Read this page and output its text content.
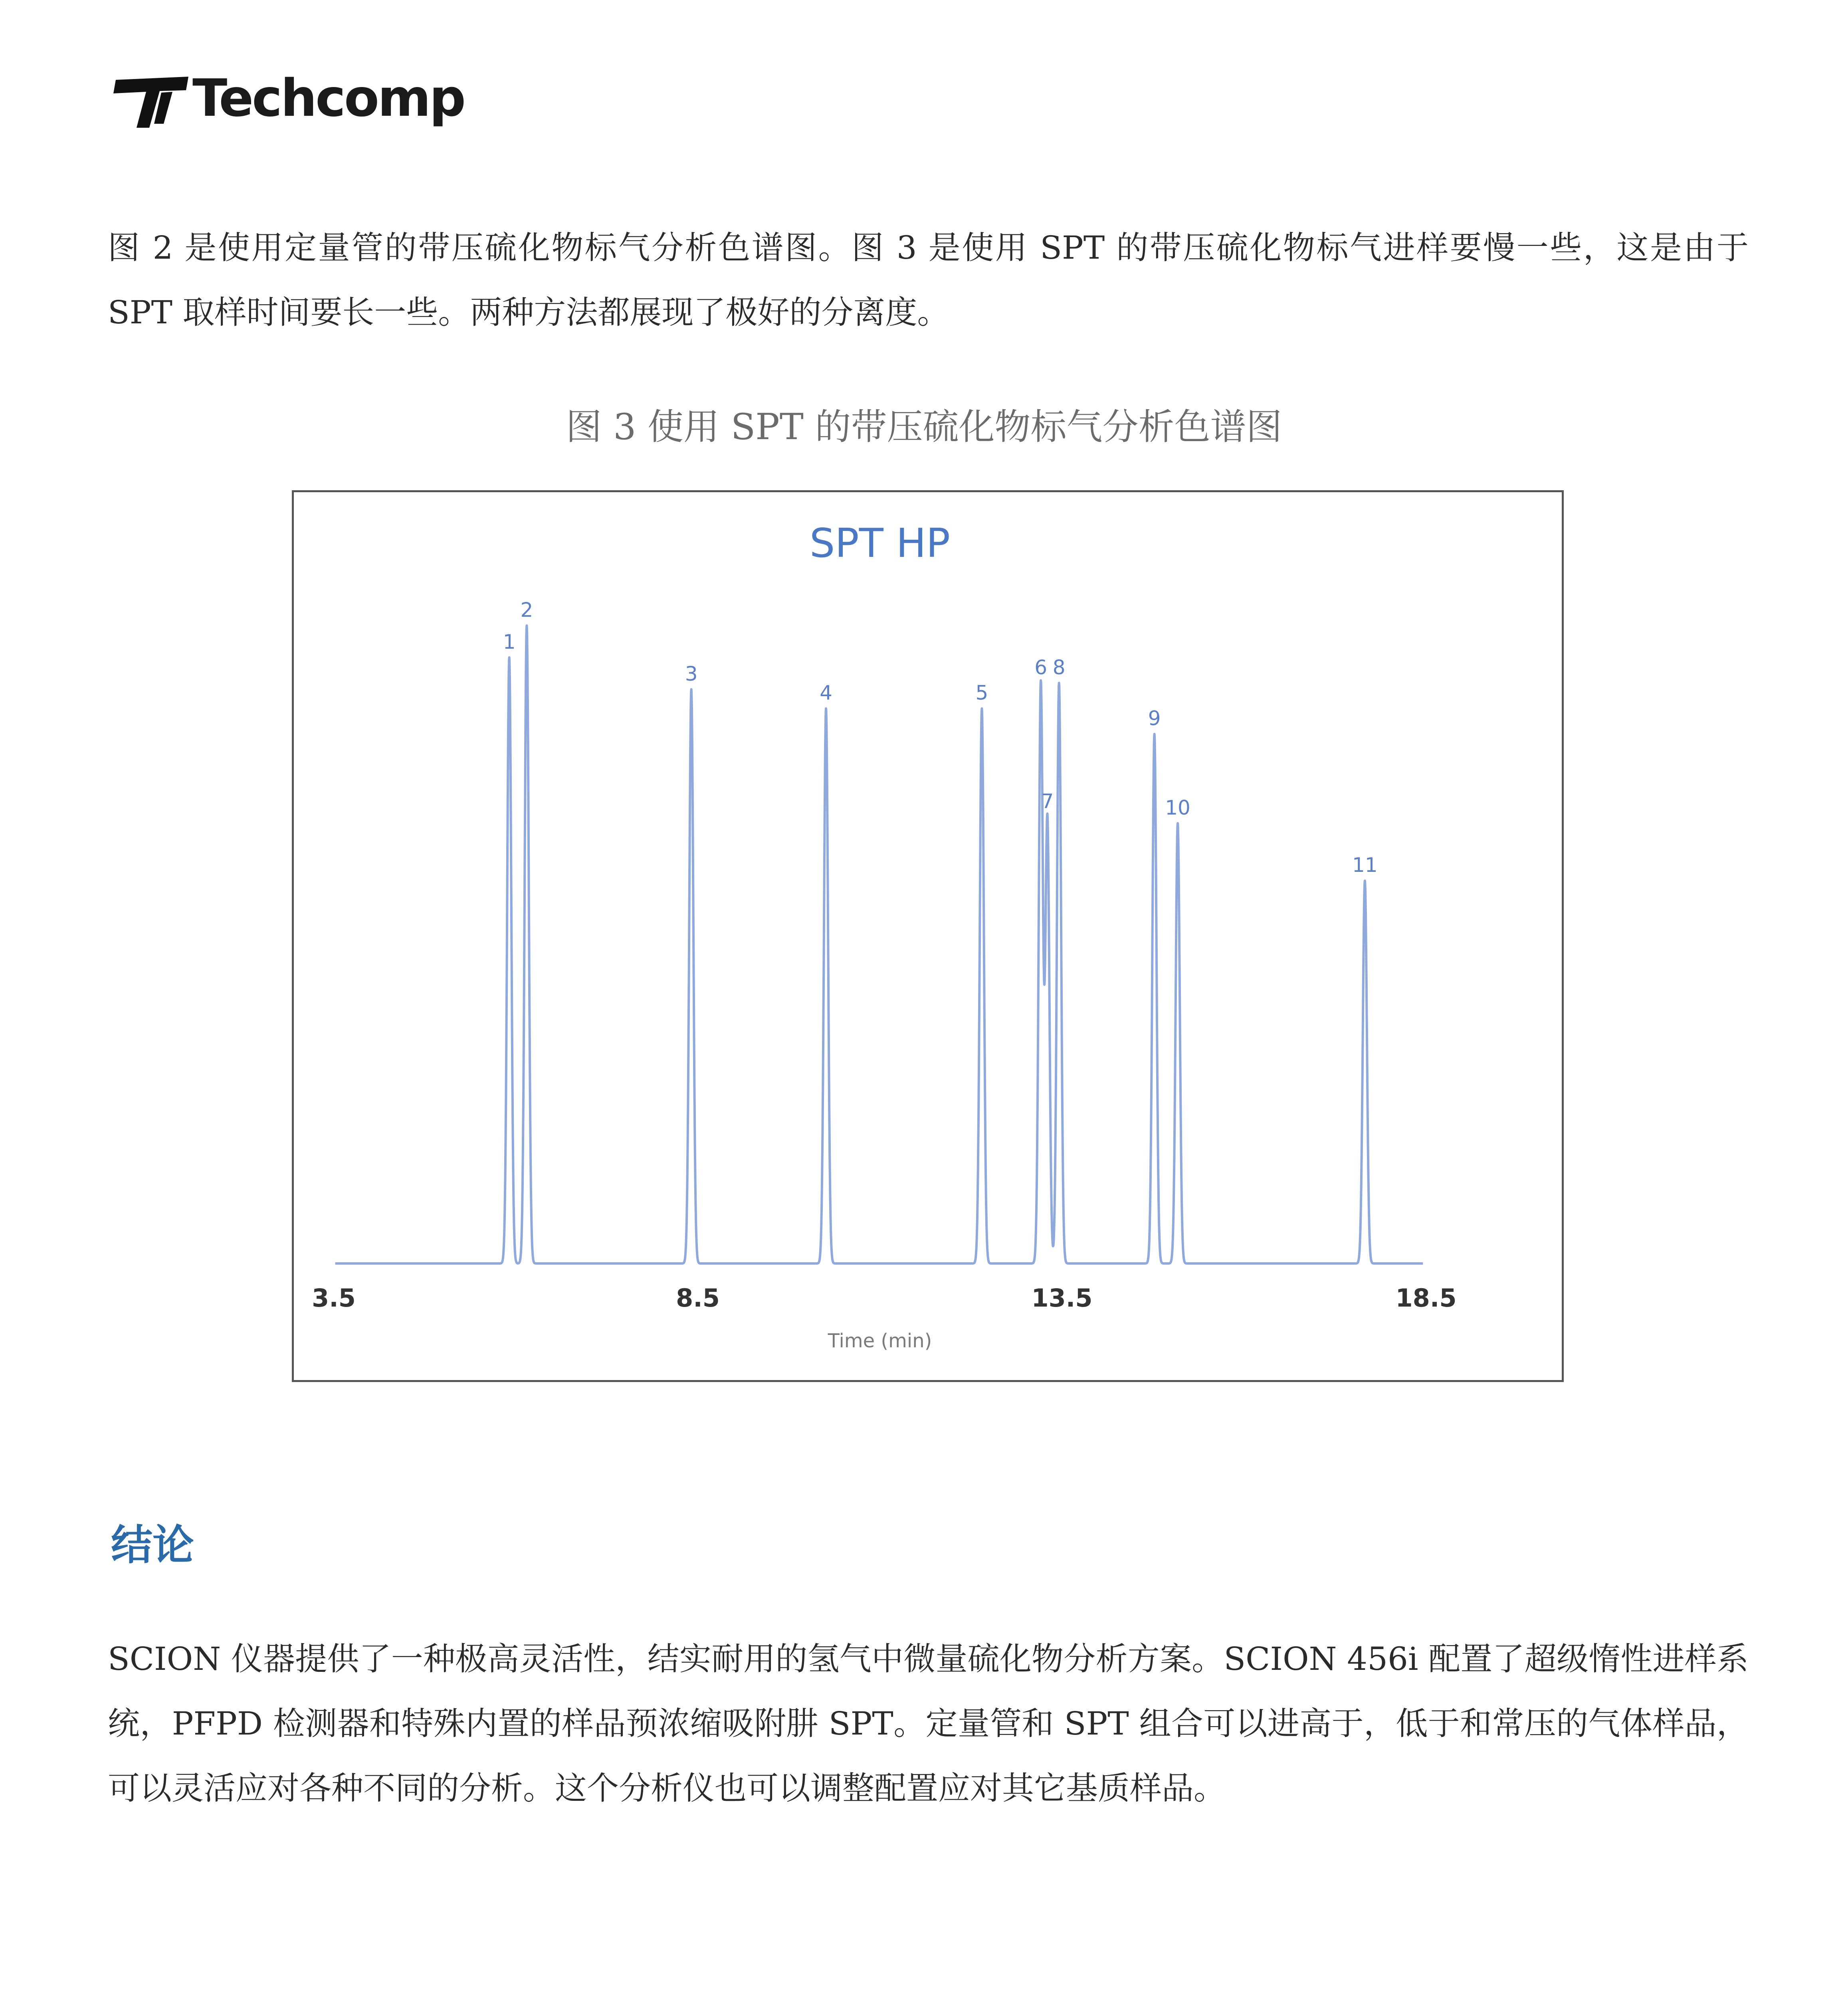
Techcomp

图 2 是使用定量管的带压硫化物标气分析色谱图。图 3 是使用 SPT 的带压硫化物标气进样要慢一些，这是由于 SPT 取样时间要长一些。两种方法都展现了极好的分离度。

图 3 使用 SPT 的带压硫化物标气分析色谱图
SPT HP
1
2
3
4	5
6
7
8
9
10
11
3.5	8.5	13.5	18.5
Time (min)
结论

SCION 仪器提供了一种极高灵活性，结实耐用的氢气中微量硫化物分析方案。SCION 456i 配置了超级惰性进样系统，PFPD 检测器和特殊内置的样品预浓缩吸附肼 SPT。定量管和 SPT 组合可以进高于，低于和常压的气体样品，可以灵活应对各种不同的分析。这个分析仪也可以调整配置应对其它基质样品。
